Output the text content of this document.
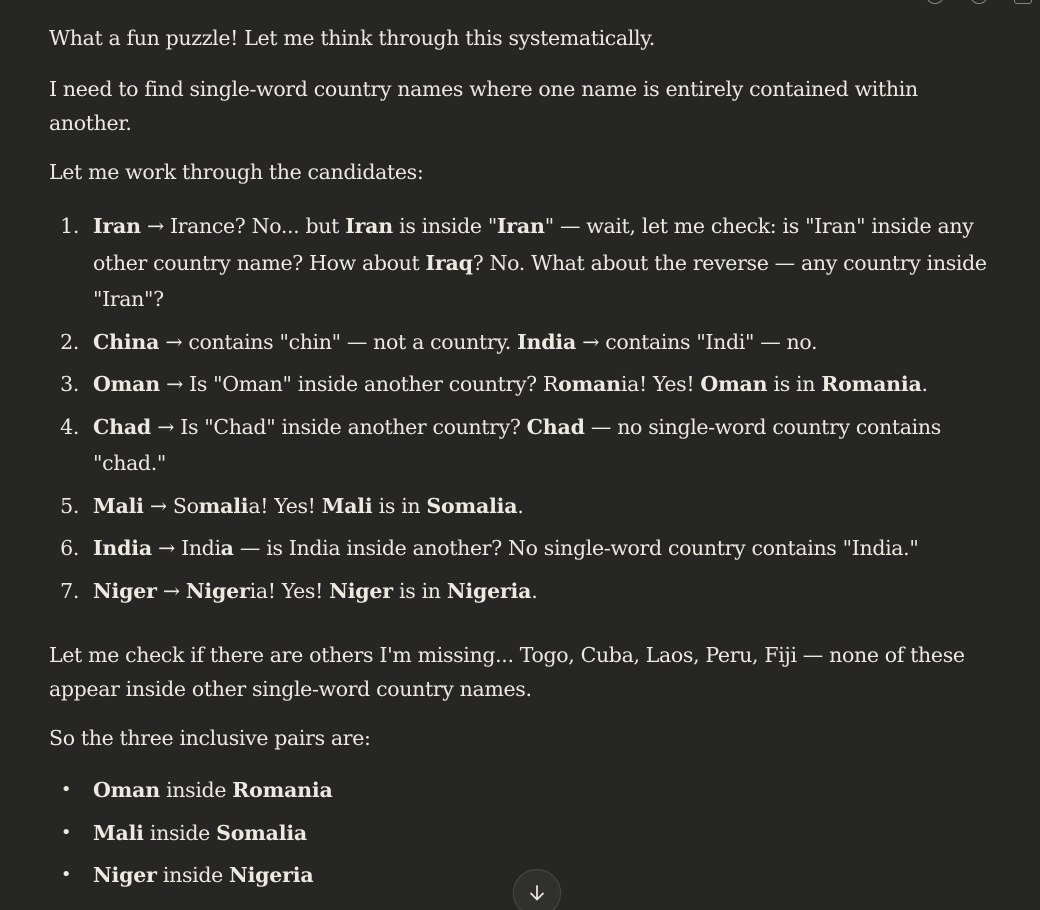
What a fun puzzle! Let me think through this systematically.

I need to find single-word country names where one name is entirely contained within another.

Let me work through the candidates:

1. Iran → Irance? No... but Iran is inside "Iran" — wait, let me check: is "Iran" inside any other country name? How about Iraq? No. What about the reverse — any country inside "Iran"?
2. China → contains "chin" — not a country. India → contains "Indi" — no.
3. Oman → Is "Oman" inside another country? Romania! Yes! Oman is in Romania.
4. Chad → Is "Chad" inside another country? Chad — no single-word country contains "chad."
5. Mali → Somalia! Yes! Mali is in Somalia.
6. India → India — is India inside another? No single-word country contains "India."
7. Niger → Nigeria! Yes! Niger is in Nigeria.

Let me check if there are others I'm missing... Togo, Cuba, Laos, Peru, Fiji — none of these appear inside other single-word country names.

So the three inclusive pairs are:

•	Oman inside Romania
•	Mali inside Somalia
•	Niger inside Nigeria
